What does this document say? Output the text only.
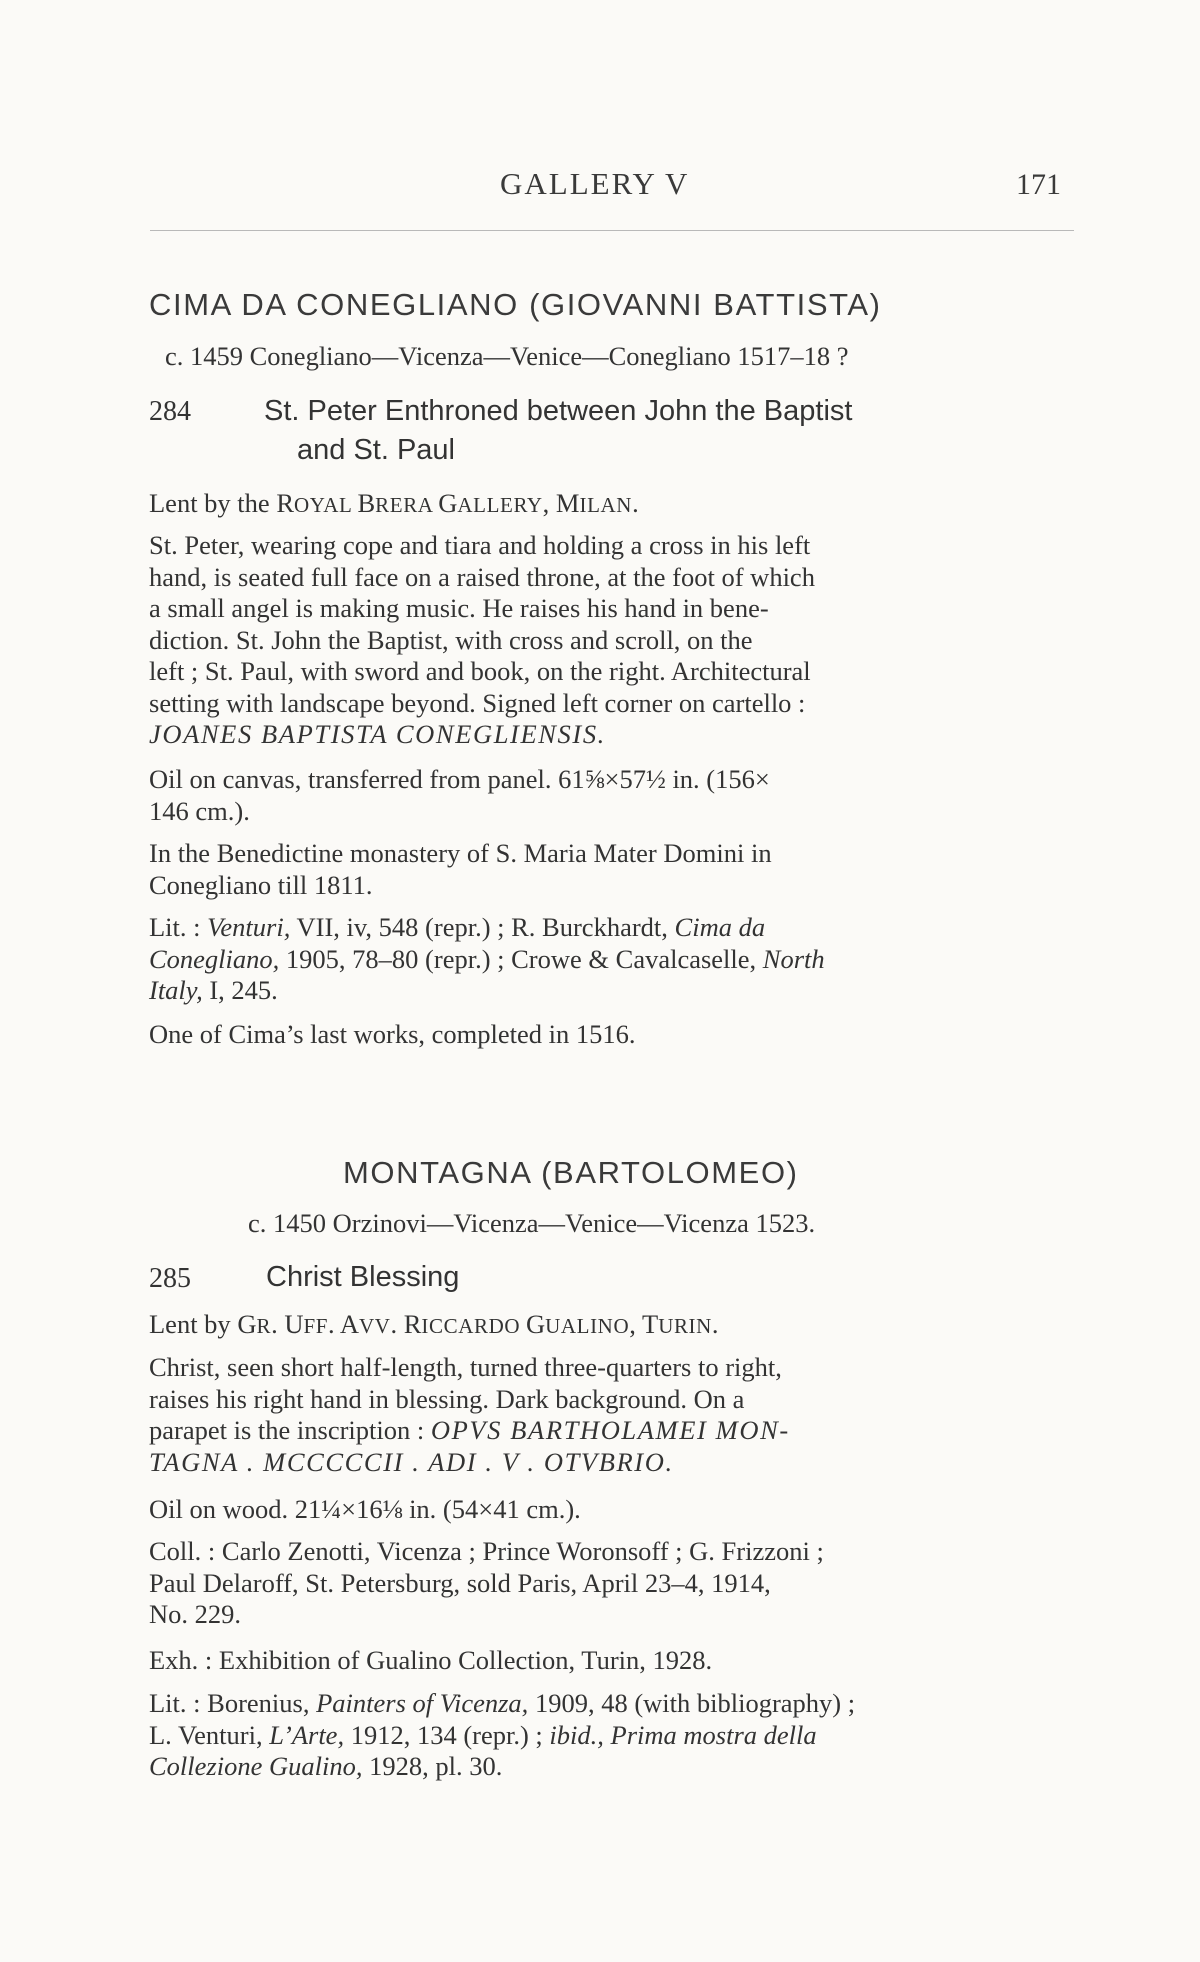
GALLERY V	171
CIMA DA CONEGLIANO (GIOVANNI BATTISTA)
c. 1459 Conegliano—Vicenza—Venice—Conegliano 1517–18 ?
284	St. Peter Enthroned between John the Baptist
and St. Paul
Lent by the ROYAL BRERA GALLERY, MILAN.
St. Peter, wearing cope and tiara and holding a cross in his left
hand, is seated full face on a raised throne, at the foot of which
a small angel is making music. He raises his hand in bene-
diction. St. John the Baptist, with cross and scroll, on the
left ; St. Paul, with sword and book, on the right. Architectural
setting with landscape beyond. Signed left corner on cartello :
JOANES BAPTISTA CONEGLIENSIS.
Oil on canvas, transferred from panel. 61⅝×57½ in. (156×
146 cm.).
In the Benedictine monastery of S. Maria Mater Domini in
Conegliano till 1811.
Lit. : Venturi, VII, iv, 548 (repr.) ; R. Burckhardt, Cima da
Conegliano, 1905, 78–80 (repr.) ; Crowe & Cavalcaselle, North
Italy, I, 245.
One of Cima’s last works, completed in 1516.
MONTAGNA (BARTOLOMEO)
c. 1450 Orzinovi—Vicenza—Venice—Vicenza 1523.
285	Christ Blessing
Lent by GR. UFF. AVV. RICCARDO GUALINO, TURIN.
Christ, seen short half-length, turned three-quarters to right,
raises his right hand in blessing. Dark background. On a
parapet is the inscription : OPVS BARTHOLAMEI MON-
TAGNA . MCCCCCII . ADI . V . OTVBRIO.
Oil on wood. 21¼×16⅛ in. (54×41 cm.).
Coll. : Carlo Zenotti, Vicenza ; Prince Woronsoff ; G. Frizzoni ;
Paul Delaroff, St. Petersburg, sold Paris, April 23–4, 1914,
No. 229.
Exh. : Exhibition of Gualino Collection, Turin, 1928.
Lit. : Borenius, Painters of Vicenza, 1909, 48 (with bibliography) ;
L. Venturi, L’Arte, 1912, 134 (repr.) ; ibid., Prima mostra della
Collezione Gualino, 1928, pl. 30.
